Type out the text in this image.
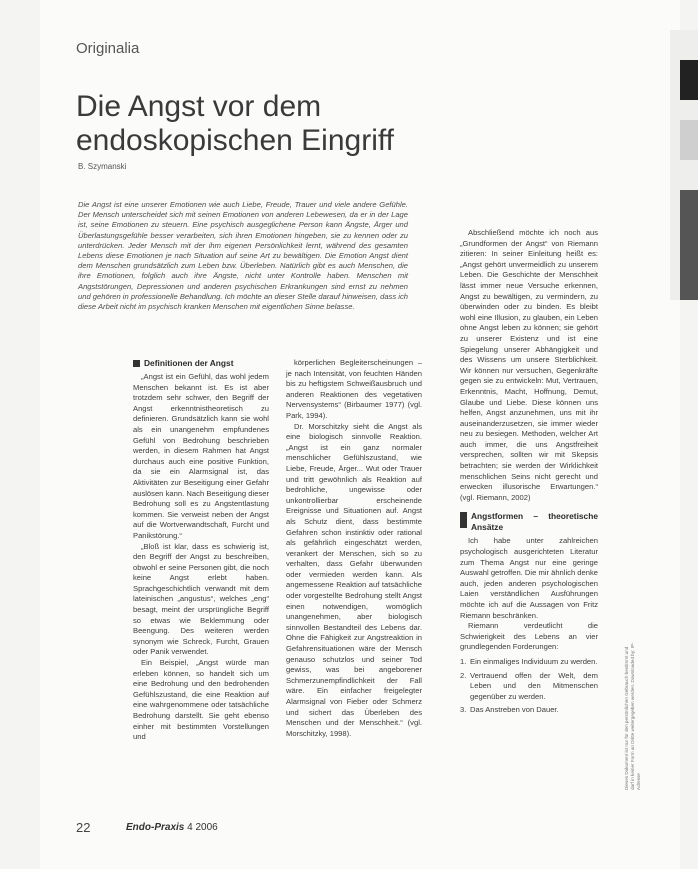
Originalia
Die Angst vor dem endoskopischen Eingriff
B. Szymanski
Die Angst ist eine unserer Emotionen wie auch Liebe, Freude, Trauer und viele andere Gefühle. Der Mensch unterscheidet sich mit seinen Emotionen von anderen Lebewesen, da er in der Lage ist, seine Emotionen zu steuern. Eine psychisch ausgeglichene Person kann Ängste, Ärger und Überlastungsgefühle besser verarbeiten, sich ihren Emotionen hingeben, sie zu kennen oder zu unterdrücken. Jeder Mensch mit der ihm eigenen Persönlichkeit lernt, während des gesamten Lebens diese Emotionen je nach Situation auf seine Art zu bewältigen. Die Emotion Angst dient dem Menschen grundsätzlich zum Leben bzw. Überleben. Natürlich gibt es auch Menschen, die ihre Emotionen, folglich auch ihre Ängste, nicht unter Kontrolle haben. Menschen mit Angststörungen, Depressionen und anderen psychischen Erkrankungen sind ernst zu nehmen und gehören in professionelle Behandlung. Ich möchte an dieser Stelle darauf hinweisen, dass ich diese Arbeit nicht im psychisch kranken Menschen mit eigentlichen Sinne belasse.
Definitionen der Angst

„Angst ist ein Gefühl, das wohl jedem Menschen bekannt ist. Es ist aber trotzdem sehr schwer, den Begriff der Angst erkenntnistheoretisch zu definieren. Grundsätzlich kann sie wohl als ein unangenehm empfundenes Gefühl von Bedrohung beschrieben werden, in diesem Rahmen hat Angst durchaus auch eine positive Funktion, da sie ein Alarmsignal ist, das Aktivitäten zur Beseitigung einer Gefahr auslösen kann. Nach Beseitigung dieser Bedrohung soll es zu Angstentlastung kommen. Sie verweist neben der Angst auf die Wortverwandtschaft, Furcht und Panikstörung.“

„Bloß ist klar, dass es schwierig ist, den Begriff der Angst zu beschreiben, obwohl er seine Personen gibt, die noch keine Angst erlebt haben. Sprachgeschichtlich verwandt mit dem lateinischen „angustus“, welches „eng“ besagt, meint der ursprüngliche Begriff so etwas wie Beklemmung oder Beengung. Des weiteren werden synonym wie Schreck, Furcht, Grauen oder Panik verwendet.

Ein Beispiel, „Angst würde man erleben können, so handelt sich um eine Bedrohung und den bedrohenden Gefühlszustand, die eine Reaktion auf eine wahrgenommene oder tatsächliche Bedrohung darstellt. Sie geht ebenso einher mit bestimmten Vorstellungen und

körperlichen Begleiterscheinungen – je nach Intensität, von feuchten Händen bis zu heftigstem Schweißausbruch und anderen Reaktionen des vegetativen Nervensystems“ (Birbaumer 1977) (vgl. Park, 1994).

Dr. Morschitzky sieht die Angst als eine biologisch sinnvolle Reaktion. „Angst ist ein ganz normaler menschlicher Gefühlszustand, wie Liebe, Freude, Ärger... Wut oder Trauer und tritt gewöhnlich als Reaktion auf bedrohliche, ungewisse oder unkontrollierbar erscheinende Ereignisse und Situationen auf. Angst als Schutz dient, dass bestimmte Gefahren schon instinktiv oder rational als gefährlich eingeschätzt werden, verankert der Menschen, sich so zu verhalten, dass Gefahr überwunden oder vermieden werden kann. Als angemessene Reaktion auf tatsächliche oder vorgestellte Bedrohung stellt Angst einen notwendigen, womöglich unangenehmen, aber biologisch sinnvollen Bestandteil des Lebens dar. Ohne die Fähigkeit zur Angstreaktion in Gefahrensituationen wäre der Mensch genauso schutzlos und seiner Tod gewiss, was bei angeborener Schmerzunempfindlichkeit der Fall wäre. Ein einfacher freigelegter Alarmsignal von Fieber oder Schmerz und sichert das Überleben des Menschen und der Menschheit.“ (vgl. Morschitzky, 1998).

Abschließend möchte ich noch aus „Grundformen der Angst“ von Riemann zitieren: In seiner Einleitung heißt es: „Angst gehört unvermeidlich zu unserem Leben. Die Geschichte der Menschheit lässt immer neue Versuche erkennen, Angst zu bewältigen, zu vermindern, zu überwinden oder zu binden. Es bleibt wohl eine Illusion, zu glauben, ein Leben ohne Angst leben zu können; sie gehört zu unserer Existenz und ist eine Spiegelung unserer Abhängigkeit und des Wissens um unsere Sterblichkeit. Wir können nur versuchen, Gegenkräfte gegen sie zu entwickeln: Mut, Vertrauen, Erkenntnis, Macht, Hoffnung, Demut, Glaube und Liebe. Diese können uns helfen, Angst anzunehmen, uns mit ihr auseinanderzusetzen, sie immer wieder neu zu besiegen. Methoden, welcher Art auch immer, die uns Angstfreiheit versprechen, sollten wir mit Skepsis betrachten; sie werden der Wirklichkeit menschlichen Seins nicht gerecht und erwecken illusorische Erwartungen.“ (vgl. Riemann, 2002)

Angstformen – theoretische Ansätze

Ich habe unter zahlreichen psychologisch ausgerichteten Literatur zum Thema Angst nur eine geringe Auswahl getroffen. Die mir ähnlich denke auch, jeden anderen psychologischen Laien verständlichen Ausführungen möchte ich auf die Aussagen von Fritz Riemann beschränken.

Riemann verdeutlicht die Schwierigkeit des Lebens an vier grundlegenden Forderungen:

1. Ein einmaliges Individuum zu werden.
2. Vertrauend offen der Welt, dem Leben und den Mitmenschen gegenüber zu werden.
3. Das Anstreben von Dauer.
22	Endo-Praxis 4 2006
Dieses Dokument ist nur für den persönlichen Gebrauch bestimmt und darf in keiner Form an Dritte weitergegeben werden. Downloaded by: IP-Adresse
